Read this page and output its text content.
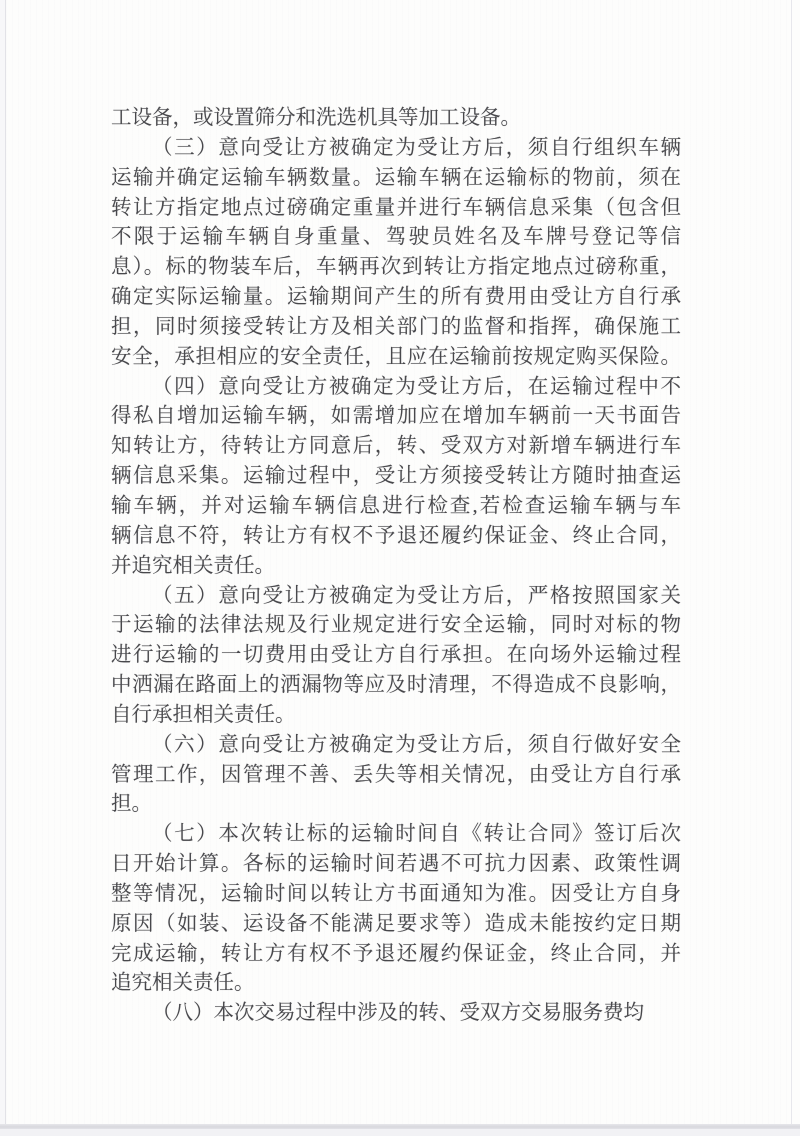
工设备，或设置筛分和洗选机具等加工设备。
（三）意向受让方被确定为受让方后，须自行组织车辆
运输并确定运输车辆数量。运输车辆在运输标的物前，须在
转让方指定地点过磅确定重量并进行车辆信息采集（包含但
不限于运输车辆自身重量、驾驶员姓名及车牌号登记等信
息）。标的物装车后，车辆再次到转让方指定地点过磅称重，
确定实际运输量。运输期间产生的所有费用由受让方自行承
担，同时须接受转让方及相关部门的监督和指挥，确保施工
安全，承担相应的安全责任，且应在运输前按规定购买保险。
（四）意向受让方被确定为受让方后，在运输过程中不
得私自增加运输车辆，如需增加应在增加车辆前一天书面告
知转让方，待转让方同意后，转、受双方对新增车辆进行车
辆信息采集。运输过程中，受让方须接受转让方随时抽查运
输车辆，并对运输车辆信息进行检查,若检查运输车辆与车
辆信息不符，转让方有权不予退还履约保证金、终止合同，
并追究相关责任。
（五）意向受让方被确定为受让方后，严格按照国家关
于运输的法律法规及行业规定进行安全运输，同时对标的物
进行运输的一切费用由受让方自行承担。在向场外运输过程
中洒漏在路面上的洒漏物等应及时清理，不得造成不良影响，
自行承担相关责任。
（六）意向受让方被确定为受让方后，须自行做好安全
管理工作，因管理不善、丢失等相关情况，由受让方自行承
担。
（七）本次转让标的运输时间自《转让合同》签订后次
日开始计算。各标的运输时间若遇不可抗力因素、政策性调
整等情况，运输时间以转让方书面通知为准。因受让方自身
原因（如装、运设备不能满足要求等）造成未能按约定日期
完成运输，转让方有权不予退还履约保证金，终止合同，并
追究相关责任。
（八）本次交易过程中涉及的转、受双方交易服务费均
